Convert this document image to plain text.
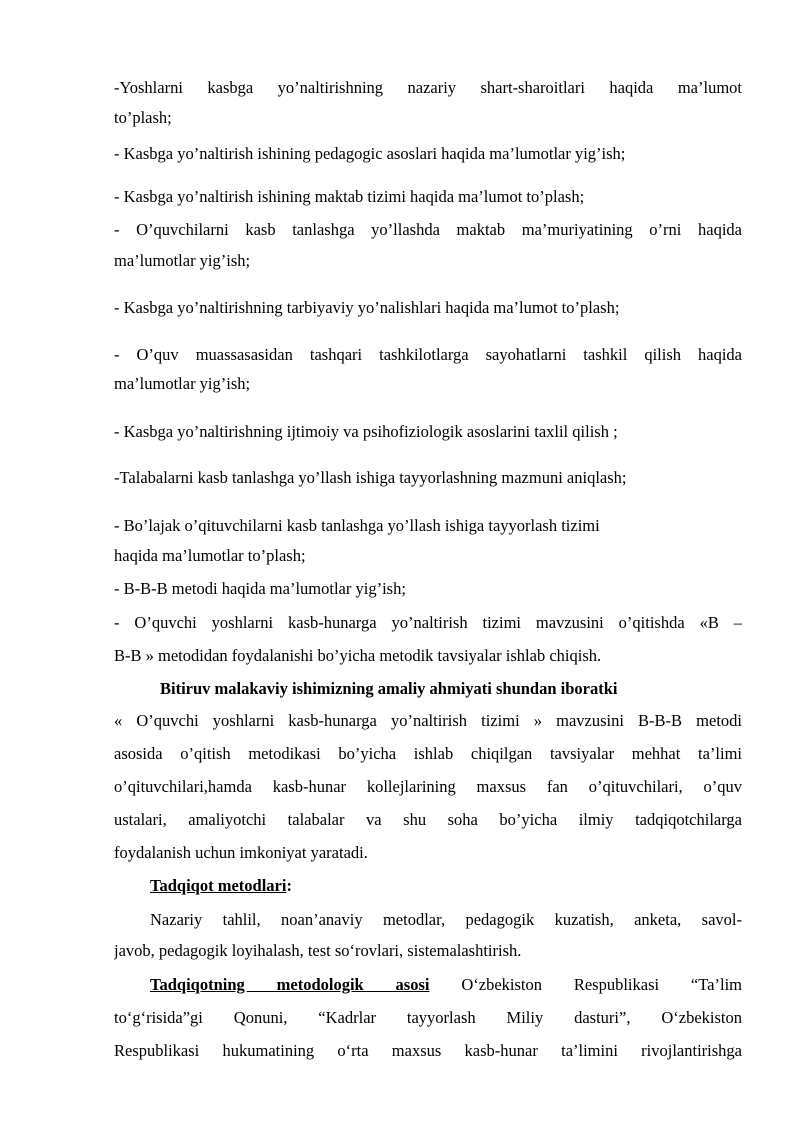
-Yoshlarni kasbga yo’naltirishning nazariy shart-sharoitlari haqida ma’lumot
to’plash;
- Kasbga yo’naltirish ishining pedagogic asoslari haqida ma’lumotlar yig’ish;
- Kasbga yo’naltirish ishining maktab tizimi haqida ma’lumot to’plash;
- O’quvchilarni kasb tanlashga yo’llashda maktab ma’muriyatining o’rni haqida
ma’lumotlar yig’ish;
- Kasbga yo’naltirishning tarbiyaviy yo’nalishlari haqida ma’lumot to’plash;
- O’quv muassasasidan tashqari tashkilotlarga sayohatlarni tashkil qilish haqida
ma’lumotlar yig’ish;
- Kasbga yo’naltirishning ijtimoiy va psihofiziologik asoslarini taxlil qilish ;
-Talabalarni kasb tanlashga yo’llash ishiga tayyorlashning mazmuni aniqlash;
- Bo’lajak o’qituvchilarni kasb tanlashga yo’llash ishiga tayyorlash tizimi
haqida ma’lumotlar to’plash;
- B-B-B metodi haqida ma’lumotlar yig’ish;
- O’quvchi yoshlarni kasb-hunarga yo’naltirish tizimi mavzusini o’qitishda «B –
B-B » metodidan foydalanishi bo’yicha metodik tavsiyalar ishlab chiqish.
Bitiruv malakaviy ishimizning amaliy ahmiyati shundan iboratki
« O’quvchi yoshlarni kasb-hunarga yo’naltirish tizimi » mavzusini B-B-B metodi
asosida o’qitish metodikasi bo’yicha ishlab chiqilgan tavsiyalar mehhat ta’limi
o’qituvchilari,hamda kasb-hunar kollejlarining maxsus fan o’qituvchilari, o’quv
ustalari, amaliyotchi talabalar va shu soha bo’yicha ilmiy tadqiqotchilarga
foydalanish uchun imkoniyat yaratadi.
Tadqiqot metodlari:
Nazariy tahlil, noan’anaviy metodlar, pedagogik kuzatish, anketa, savol-
javob, pedagogik loyihalash, test so‘rovlari, sistemalashtirish.
Tadqiqotning metodologik asosi O‘zbekiston Respublikasi “Ta’lim
to‘g‘risida”gi Qonuni, “Kadrlar tayyorlash Miliy dasturi”, O‘zbekiston
Respublikasi hukumatining o‘rta maxsus kasb-hunar ta’limini rivojlantirishga
